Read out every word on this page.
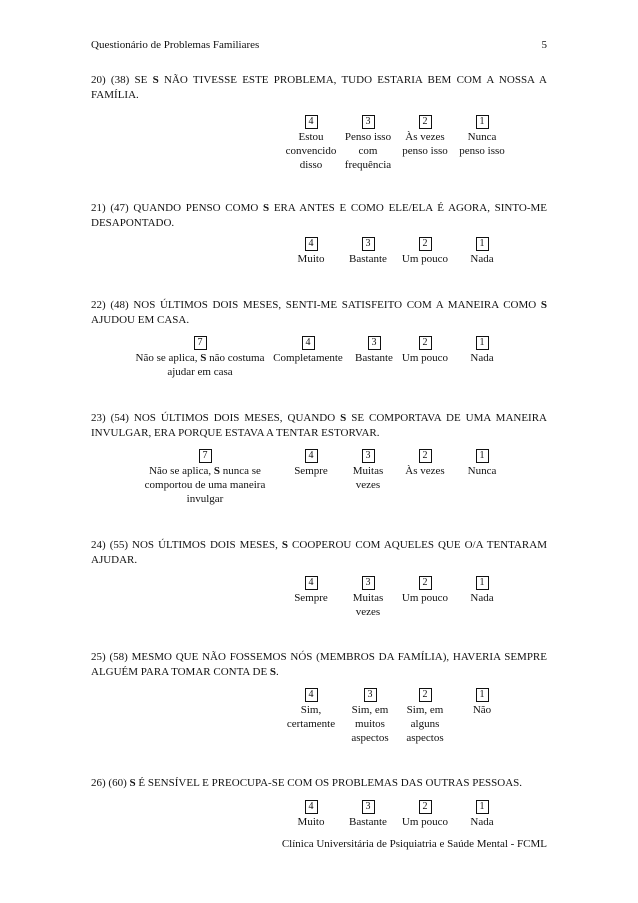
Questionário de Problemas Familiares	5
20) (38) SE S NÃO TIVESSE ESTE PROBLEMA, TUDO ESTARIA BEM COM A NOSSA A FAMÍLIA.
4
Estou convencido disso
3
Penso isso com frequência
2
Às vezes penso isso
1
Nunca penso isso
21) (47) QUANDO PENSO COMO S ERA ANTES E COMO ELE/ELA É AGORA, SINTO-ME DESAPONTADO.
4
Muito
3
Bastante
2
Um pouco
1
Nada
22) (48) NOS ÚLTIMOS DOIS MESES, SENTI-ME SATISFEITO COM A MANEIRA COMO S AJUDOU EM CASA.
7
Não se aplica, S não costuma ajudar em casa
4
Completamente
3
Bastante
2
Um pouco
1
Nada
23) (54) NOS ÚLTIMOS DOIS MESES, QUANDO S SE COMPORTAVA DE UMA MANEIRA INVULGAR, ERA PORQUE ESTAVA A TENTAR ESTORVAR.
7
Não se aplica, S nunca se comportou de uma maneira invulgar
4
Sempre
3
Muitas vezes
2
Às vezes
1
Nunca
24) (55) NOS ÚLTIMOS DOIS MESES, S COOPEROU COM AQUELES QUE O/A TENTARAM AJUDAR.
4
Sempre
3
Muitas vezes
2
Um pouco
1
Nada
25) (58) MESMO QUE NÃO FOSSEMOS NÓS (MEMBROS DA FAMÍLIA), HAVERIA SEMPRE ALGUÉM PARA TOMAR CONTA DE S.
4
Sim, certamente
3
Sim, em muitos aspectos
2
Sim, em alguns aspectos
1
Não
26) (60) S É SENSÍVEL E PREOCUPA-SE COM OS PROBLEMAS DAS OUTRAS PESSOAS.
4
Muito
3
Bastante
2
Um pouco
1
Nada
Clínica Universitária de Psiquiatria e Saúde Mental - FCML
